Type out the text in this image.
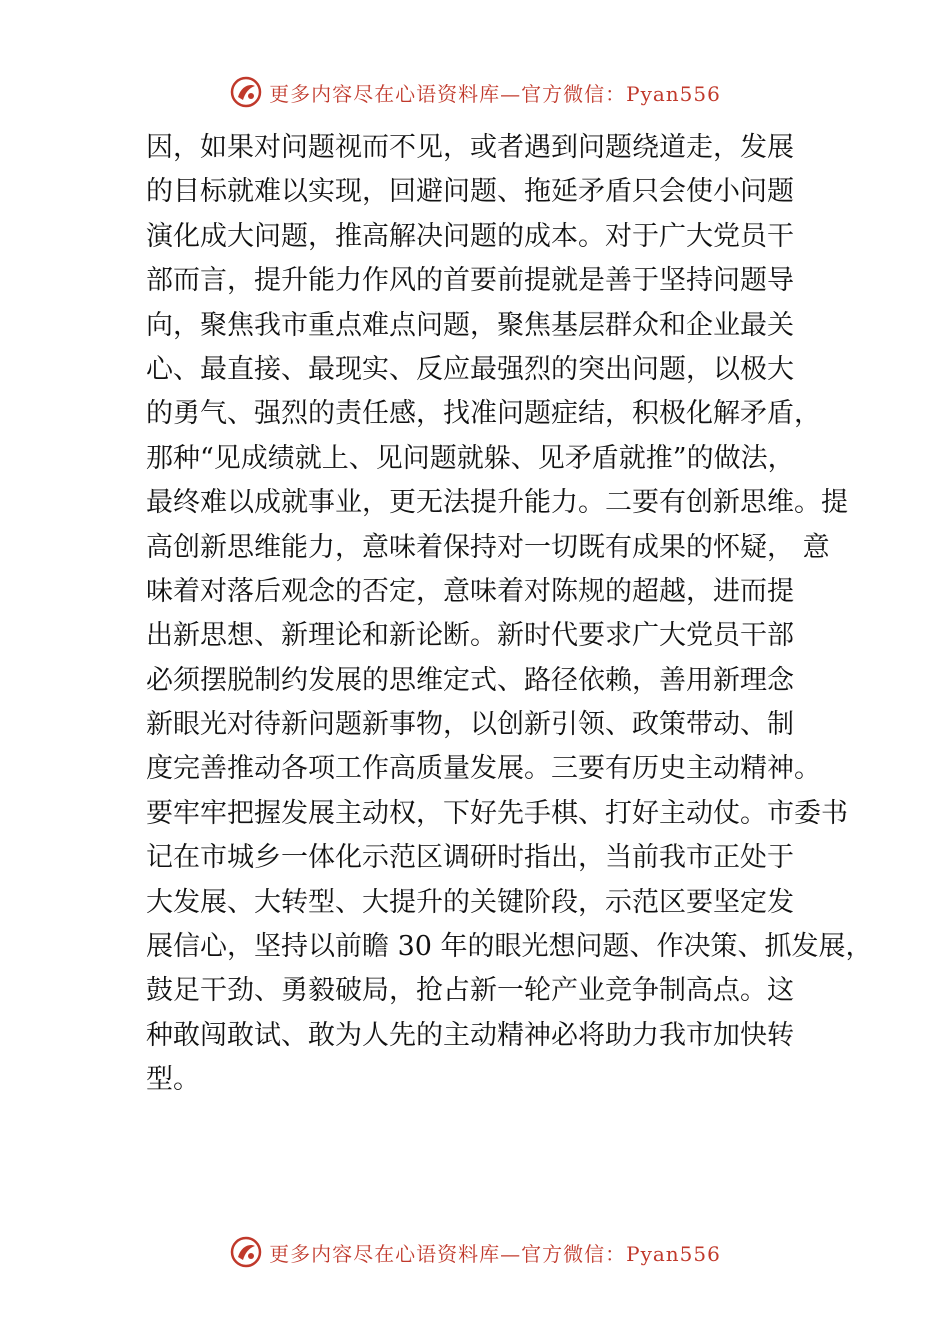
更多内容尽在心语资料库—官方微信：Pyan556
因，如果对问题视而不见，或者遇到问题绕道走，发展
的目标就难以实现，回避问题、拖延矛盾只会使小问题
演化成大问题，推高解决问题的成本。对于广大党员干
部而言，提升能力作风的首要前提就是善于坚持问题导
向，聚焦我市重点难点问题，聚焦基层群众和企业最关
心、最直接、最现实、反应最强烈的突出问题，以极大
的勇气、强烈的责任感，找准问题症结，积极化解矛盾，
那种“见成绩就上、见问题就躲、见矛盾就推”的做法，
最终难以成就事业，更无法提升能力。二要有创新思维。提
高创新思维能力，意味着保持对一切既有成果的怀疑， 意
味着对落后观念的否定，意味着对陈规的超越，进而提
出新思想、新理论和新论断。新时代要求广大党员干部
必须摆脱制约发展的思维定式、路径依赖，善用新理念
新眼光对待新问题新事物，以创新引领、政策带动、制
度完善推动各项工作高质量发展。三要有历史主动精神。
要牢牢把握发展主动权，下好先手棋、打好主动仗。市委书
记在市城乡一体化示范区调研时指出，当前我市正处于
大发展、大转型、大提升的关键阶段，示范区要坚定发
展信心，坚持以前瞻 30 年的眼光想问题、作决策、抓发展，
鼓足干劲、勇毅破局，抢占新一轮产业竞争制高点。这
种敢闯敢试、敢为人先的主动精神必将助力我市加快转
型。
更多内容尽在心语资料库—官方微信：Pyan556
